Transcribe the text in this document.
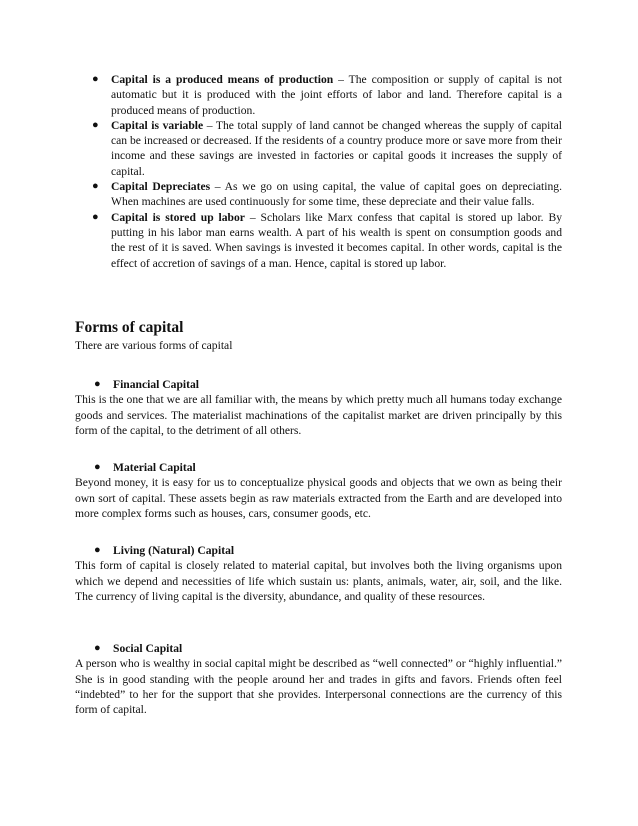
● Capital is a produced means of production – The composition or supply of capital is not automatic but it is produced with the joint efforts of labor and land. Therefore capital is a produced means of production.
● Capital is variable – The total supply of land cannot be changed whereas the supply of capital can be increased or decreased. If the residents of a country produce more or save more from their income and these savings are invested in factories or capital goods it increases the supply of capital.
● Capital Depreciates – As we go on using capital, the value of capital goes on depreciating. When machines are used continuously for some time, these depreciate and their value falls.
● Capital is stored up labor – Scholars like Marx confess that capital is stored up labor. By putting in his labor man earns wealth. A part of his wealth is spent on consumption goods and the rest of it is saved. When savings is invested it becomes capital. In other words, capital is the effect of accretion of savings of a man. Hence, capital is stored up labor.
Forms of capital

There are various forms of capital

● Financial Capital

This is the one that we are all familiar with, the means by which pretty much all humans today exchange goods and services. The materialist machinations of the capitalist market are driven principally by this form of the capital, to the detriment of all others.

● Material Capital

Beyond money, it is easy for us to conceptualize physical goods and objects that we own as being their own sort of capital. These assets begin as raw materials extracted from the Earth and are developed into more complex forms such as houses, cars, consumer goods, etc.

● Living (Natural) Capital

This form of capital is closely related to material capital, but involves both the living organisms upon which we depend and necessities of life which sustain us: plants, animals, water, air, soil, and the like. The currency of living capital is the diversity, abundance, and quality of these resources.

● Social Capital

A person who is wealthy in social capital might be described as “well connected” or “highly influential.” She is in good standing with the people around her and trades in gifts and favors. Friends often feel “indebted” to her for the support that she provides. Interpersonal connections are the currency of this form of capital.
